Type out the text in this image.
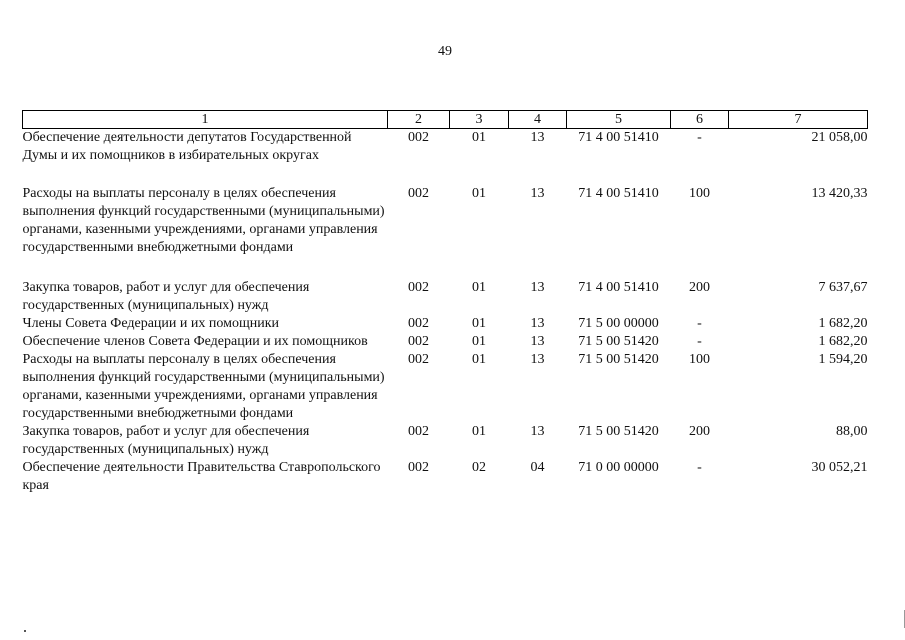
49
1	2	3	4	5	6	7
Обеспечение деятельности депутатов Государственной Думы и их помощников в избирательных округах	002	01	13	71 4 00 51410	-	21 058,00
Расходы на выплаты персоналу в целях обеспечения выполнения функций государственными (муниципальными) органами, казенными учреждениями, органами управления государственными внебюджетными фондами	002	01	13	71 4 00 51410	100	13 420,33
Закупка товаров, работ и услуг для обеспечения государственных (муниципальных) нужд	002	01	13	71 4 00 51410	200	7 637,67
Члены Совета Федерации и их помощники	002	01	13	71 5 00 00000	-	1 682,20
Обеспечение членов Совета Федерации и их помощников	002	01	13	71 5 00 51420	-	1 682,20
Расходы на выплаты персоналу в целях обеспечения выполнения функций государственными (муниципальными) органами, казенными учреждениями, органами управления государственными внебюджетными фондами	002	01	13	71 5 00 51420	100	1 594,20
Закупка товаров, работ и услуг для обеспечения государственных (муниципальных) нужд	002	01	13	71 5 00 51420	200	88,00
Обеспечение деятельности Правительства Ставропольского края	002	02	04	71 0 00 00000	-	30 052,21
